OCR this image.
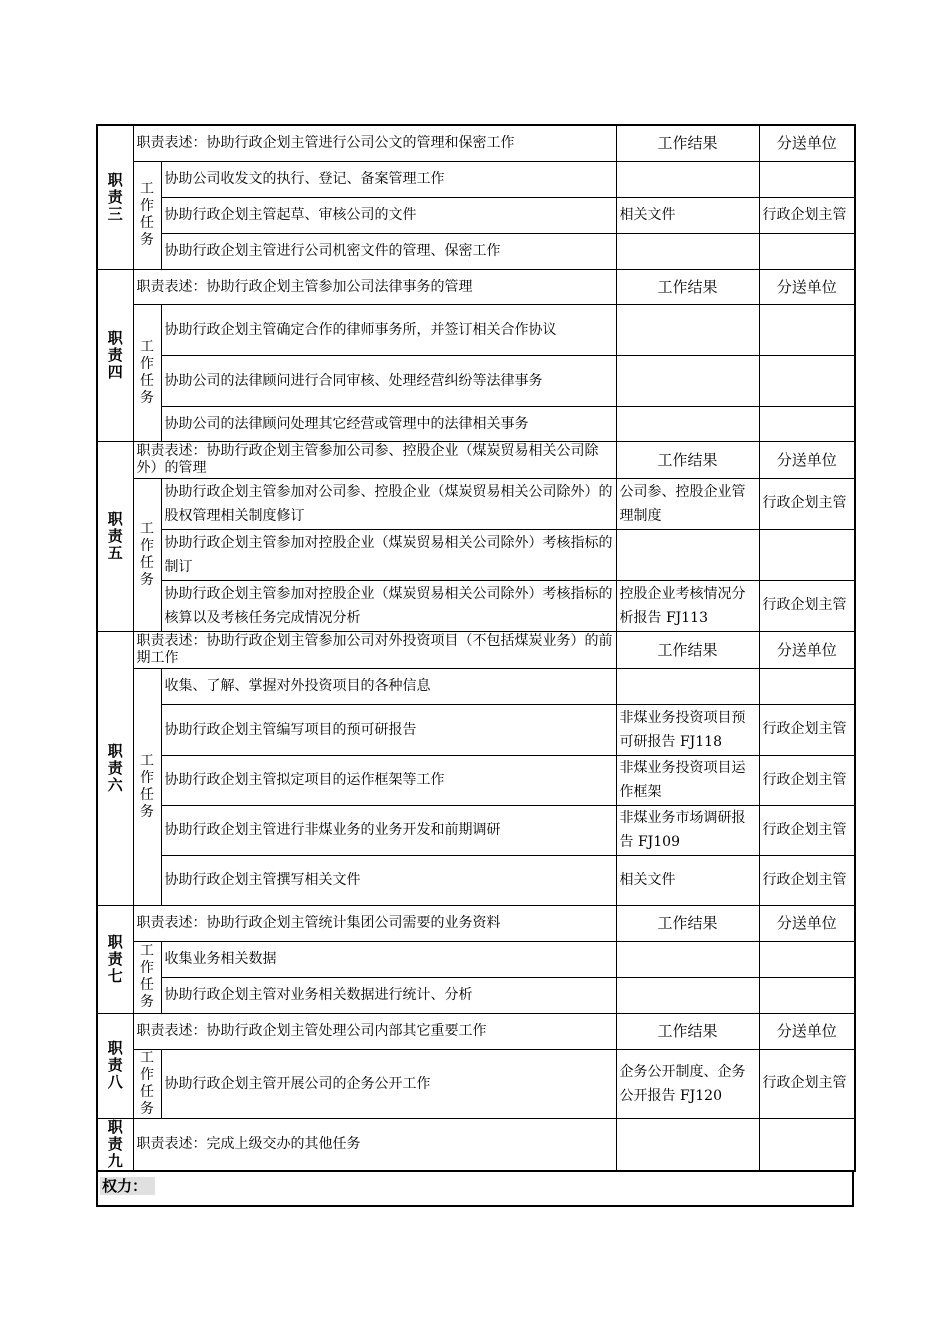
职责三	职责表述：协助行政企划主管进行公司公文的管理和保密工作		工作结果	分送单位
	工作任务	协助公司收发文的执行、登记、备案管理工作		
		协助行政企划主管起草、审核公司的文件	相关文件	行政企划主管
		协助行政企划主管进行公司机密文件的管理、保密工作		
职责四	职责表述：协助行政企划主管参加公司法律事务的管理		工作结果	分送单位
	工作任务	协助行政企划主管确定合作的律师事务所，并签订相关合作协议		
		协助公司的法律顾问进行合同审核、处理经营纠纷等法律事务		
		协助公司的法律顾问处理其它经营或管理中的法律相关事务		
职责五	职责表述：协助行政企划主管参加公司参、控股企业（煤炭贸易相关公司除外）的管理		工作结果	分送单位
	工作任务	协助行政企划主管参加对公司参、控股企业（煤炭贸易相关公司除外）的股权管理相关制度修订	公司参、控股企业管理制度	行政企划主管
		协助行政企划主管参加对控股企业（煤炭贸易相关公司除外）考核指标的制订		
		协助行政企划主管参加对控股企业（煤炭贸易相关公司除外）考核指标的核算以及考核任务完成情况分析	控股企业考核情况分析报告 FJ113	行政企划主管
职责六	职责表述：协助行政企划主管参加公司对外投资项目（不包括煤炭业务）的前期工作		工作结果	分送单位
	工作任务	收集、了解、掌握对外投资项目的各种信息		
		协助行政企划主管编写项目的预可研报告	非煤业务投资项目预可研报告 FJ118	行政企划主管
		协助行政企划主管拟定项目的运作框架等工作	非煤业务投资项目运作框架	行政企划主管
		协助行政企划主管进行非煤业务的业务开发和前期调研	非煤业务市场调研报告 FJ109	行政企划主管
		协助行政企划主管撰写相关文件	相关文件	行政企划主管
职责七	职责表述：协助行政企划主管统计集团公司需要的业务资料		工作结果	分送单位
	工作任务	收集业务相关数据		
		协助行政企划主管对业务相关数据进行统计、分析		
职责八	职责表述：协助行政企划主管处理公司内部其它重要工作		工作结果	分送单位
	工作任务	协助行政企划主管开展公司的企务公开工作	企务公开制度、企务公开报告 FJ120	行政企划主管
职责九	职责表述：完成上级交办的其他任务			
权力：
